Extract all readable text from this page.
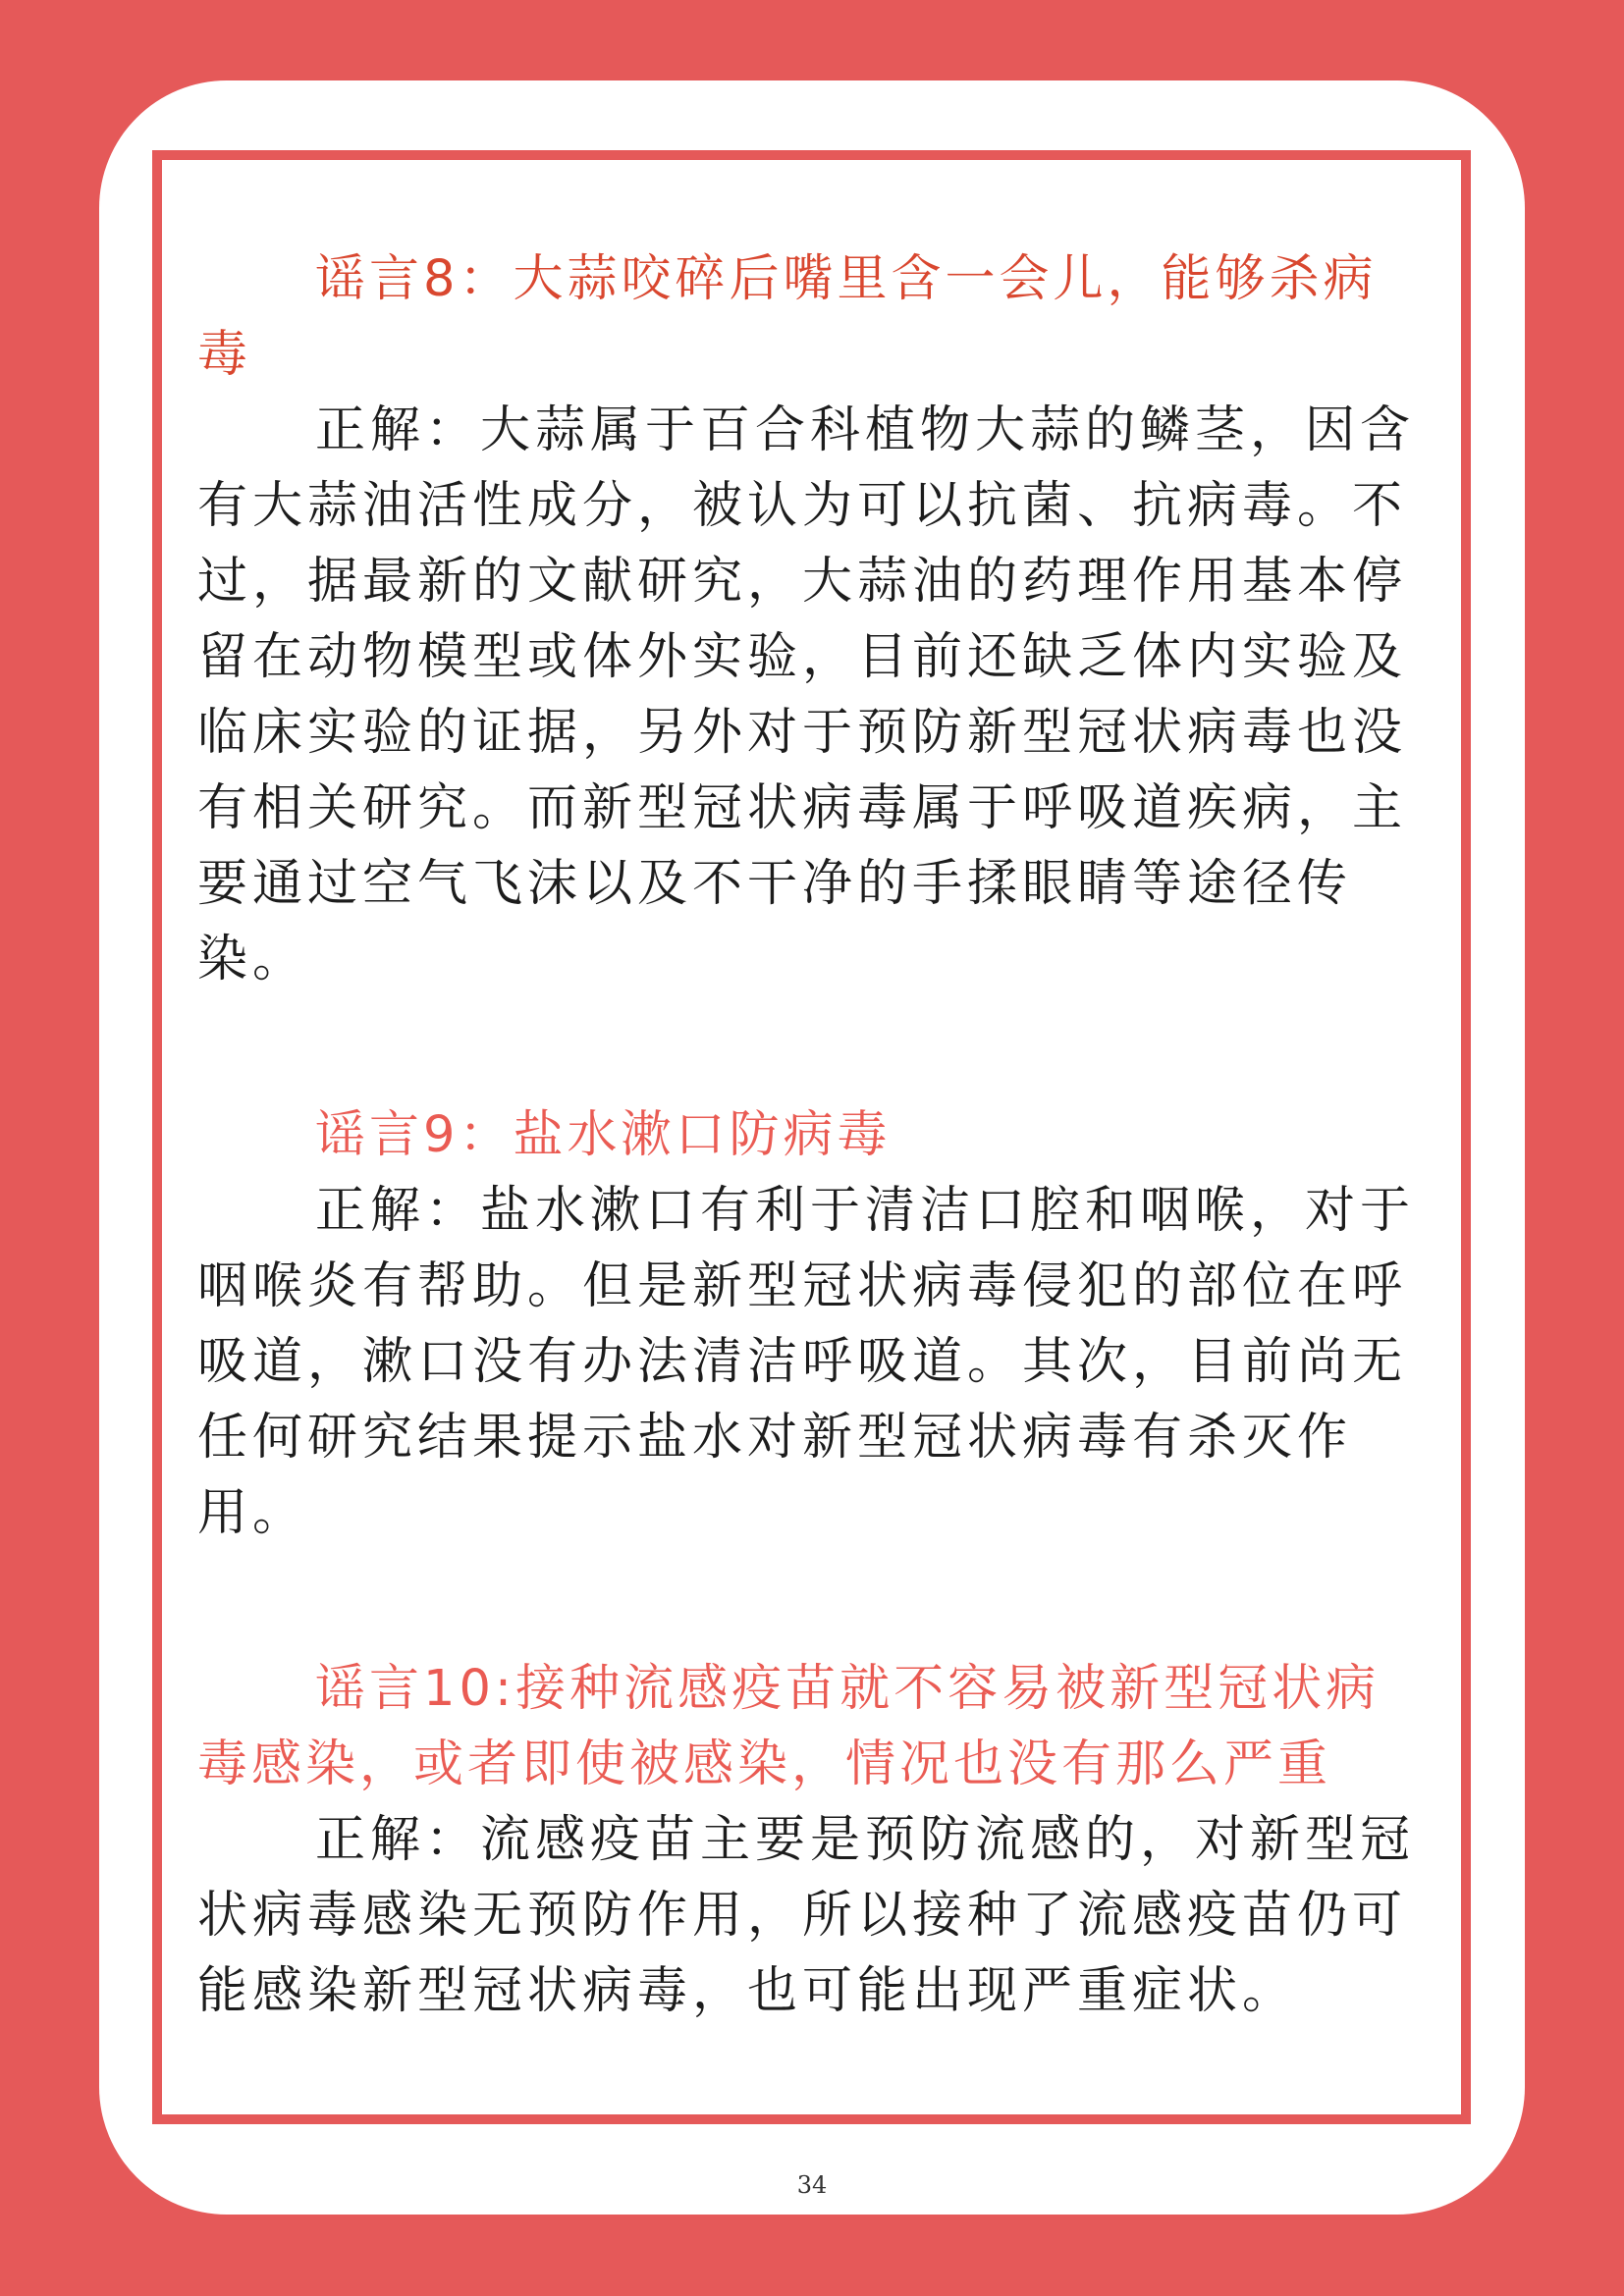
谣言8：大蒜咬碎后嘴里含一会儿，能够杀病毒

正解：大蒜属于百合科植物大蒜的鳞茎，因含有大蒜油活性成分，被认为可以抗菌、抗病毒。不过，据最新的文献研究，大蒜油的药理作用基本停留在动物模型或体外实验，目前还缺乏体内实验及临床实验的证据，另外对于预防新型冠状病毒也没有相关研究。而新型冠状病毒属于呼吸道疾病，主要通过空气飞沫以及不干净的手揉眼睛等途径传染。

谣言9：盐水漱口防病毒

正解：盐水漱口有利于清洁口腔和咽喉，对于咽喉炎有帮助。但是新型冠状病毒侵犯的部位在呼吸道，漱口没有办法清洁呼吸道。其次，目前尚无任何研究结果提示盐水对新型冠状病毒有杀灭作用。

谣言10:接种流感疫苗就不容易被新型冠状病毒感染，或者即使被感染，情况也没有那么严重

正解：流感疫苗主要是预防流感的，对新型冠状病毒感染无预防作用，所以接种了流感疫苗仍可能感染新型冠状病毒，也可能出现严重症状。

34
